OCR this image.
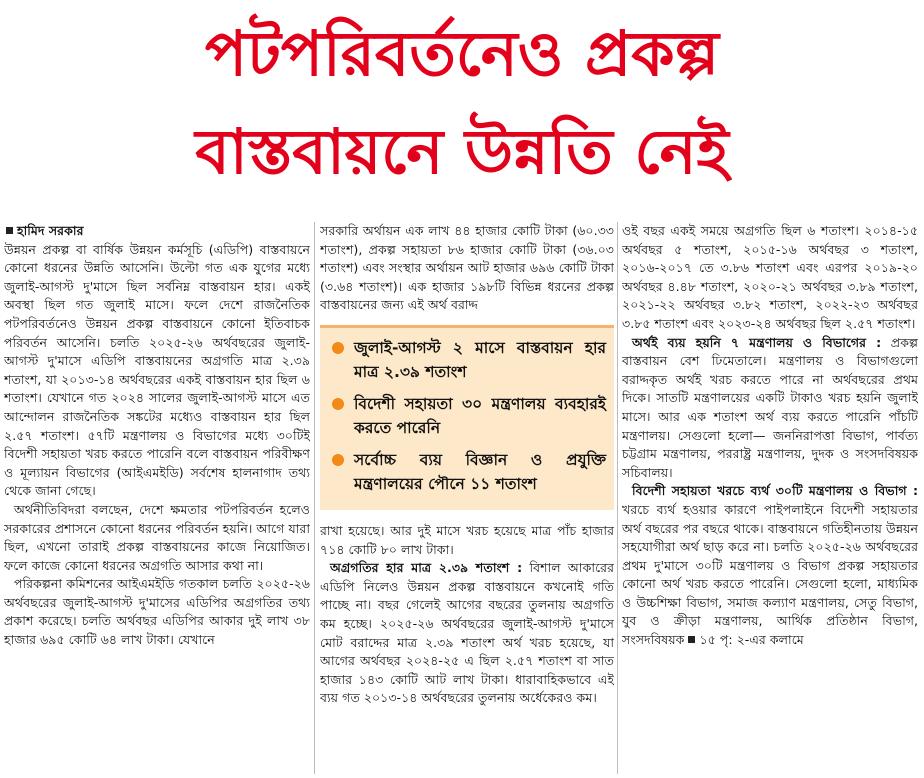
পটপরিবর্তনেও প্রকল্প
বাস্তবায়নে উন্নতি নেই
হামিদ সরকার

উন্নয়ন প্রকল্প বা বার্ষিক উন্নয়ন কর্মসূচি (এডিপি) বাস্তবায়নে কোনো ধরনের উন্নতি আসেনি। উল্টো গত এক যুগের মধ্যে জুলাই-আগস্ট দু'মাসে ছিল সর্বনিম্ন বাস্তবায়ন হার। একই অবস্থা ছিল গত জুলাই মাসে। ফলে দেশে রাজনৈতিক পটপরিবর্তনেও উন্নয়ন প্রকল্প বাস্তবায়নে কোনো ইতিবাচক পরিবর্তন আসেনি। চলতি ২০২৫-২৬ অর্থবছরের জুলাই-আগস্ট দু'মাসে এডিপি বাস্তবায়নের অগ্রগতি মাত্র ২.৩৯ শতাংশ, যা ২০১৩-১৪ অর্থবছরের একই বাস্তবায়ন হার ছিল ৬ শতাংশ। যেখানে গত ২০২৪ সালের জুলাই-আগস্ট মাসে এত আন্দোলন রাজনৈতিক সঙ্কটের মধ্যেও বাস্তবায়ন হার ছিল ২.৫৭ শতাংশ। ৫৭টি মন্ত্রণালয় ও বিভাগের মধ্যে ৩০টিই বিদেশী সহায়তা খরচ করতে পারেনি বলে বাস্তবায়ন পরিবীক্ষণ ও মূল্যায়ন বিভাগের (আইএমইডি) সর্বশেষ হালনাগাদ তথ্য থেকে জানা গেছে।

অর্থনীতিবিদরা বলছেন, দেশে ক্ষমতার পটপরিবর্তন হলেও সরকারের প্রশাসনে কোনো ধরনের পরিবর্তন হয়নি। আগে যারা ছিল, এখনো তারাই প্রকল্প বাস্তবায়নের কাজে নিয়োজিত। ফলে কাজে কোনো ধরনের অগ্রগতি আসার কথা না।

পরিকল্পনা কমিশনের আইএমইডি গতকাল চলতি ২০২৫-২৬ অর্থবছরের জুলাই-আগস্ট দু'মাসের এডিপির অগ্রগতির তথ্য প্রকাশ করেছে। চলতি অর্থবছর এডিপির আকার দুই লাখ ৩৮ হাজার ৬৯৫ কোটি ৬৪ লাখ টাকা। যেখানে

সরকারি অর্থায়ন এক লাখ ৪৪ হাজার কোটি টাকা (৬০.৩৩ শতাংশ), প্রকল্প সহায়তা ৮৬ হাজার কোটি টাকা (৩৬.০৩ শতাংশ) এবং সংস্থার অর্থায়ন আট হাজার ৬৯৬ কোটি টাকা (৩.৬৪ শতাংশ)। এক হাজার ১৯৮টি বিভিন্ন ধরনের প্রকল্প বাস্তবায়নের জন্য এই অর্থ বরাদ্দ

জুলাই-আগস্ট ২ মাসে বাস্তবায়ন হার মাত্র ২.৩৯ শতাংশ
বিদেশী সহায়তা ৩০ মন্ত্রণালয় ব্যবহারই করতে পারেনি
সর্বোচ্চ ব্যয় বিজ্ঞান ও প্রযুক্তি মন্ত্রণালয়ের পৌনে ১১ শতাংশ

রাখা হয়েছে। আর দুই মাসে খরচ হয়েছে মাত্র পাঁচ হাজার ৭১৪ কোটি ৮০ লাখ টাকা।

অগ্রগতির হার মাত্র ২.৩৯ শতাংশ : বিশাল আকারের এডিপি নিলেও উন্নয়ন প্রকল্প বাস্তবায়নে কখনোই গতি পাচ্ছে না। বছর গেলেই আগের বছরের তুলনায় অগ্রগতি কম হচ্ছে। ২০২৫-২৬ অর্থবছরের জুলাই-আগস্ট দু'মাসে মোট বরাদ্দের মাত্র ২.৩৯ শতাংশ অর্থ খরচ হয়েছে, যা আগের অর্থবছর ২০২৪-২৫ এ ছিল ২.৫৭ শতাংশ বা সাত হাজার ১৪৩ কোটি আট লাখ টাকা। ধারাবাহিকভাবে এই ব্যয় গত ২০১৩-১৪ অর্থবছরের তুলনায় অর্ধেকেরও কম।

ওই বছর একই সময়ে অগ্রগতি ছিল ৬ শতাংশ। ২০১৪-১৫ অর্থবছর ৫ শতাংশ, ২০১৫-১৬ অর্থবছর ৩ শতাংশ, ২০১৬-২০১৭ তে ৩.৮৬ শতাংশ এবং এরপর ২০১৯-২০ অর্থবছর ৪.৪৮ শতাংশ, ২০২০-২১ অর্থবছর ৩.৮৯ শতাংশ, ২০২১-২২ অর্থবছর ৩.৮২ শতাংশ, ২০২২-২৩ অর্থবছর ৩.৮৫ শতাংশ এবং ২০২৩-২৪ অর্থবছর ছিল ২.৫৭ শতাংশ।

অর্থই ব্যয় হয়নি ৭ মন্ত্রণালয় ও বিভাগের : প্রকল্প বাস্তবায়ন বেশ ঢিমেতালে। মন্ত্রণালয় ও বিভাগগুলো বরাদ্দকৃত অর্থই খরচ করতে পারে না অর্থবছরের প্রথম দিকে। সাতটি মন্ত্রণালয়ের একটি টাকাও খরচ হয়নি জুলাই মাসে। আর এক শতাংশ অর্থ ব্যয় করতে পারেনি পাঁচটি মন্ত্রণালয়। সেগুলো হলো— জননিরাপত্তা বিভাগ, পার্বত্য চট্টগ্রাম মন্ত্রণালয়, পররাষ্ট্র মন্ত্রণালয়, দুদক ও সংসদবিষয়ক সচিবালয়।

বিদেশী সহায়তা খরচে ব্যর্থ ৩০টি মন্ত্রণালয় ও বিভাগ : খরচে ব্যর্থ হওয়ার কারণে পাইপলাইনে বিদেশী সহায়তার অর্থ বছরের পর বছরে থাকে। বাস্তবায়নে গতিহীনতায় উন্নয়ন সহযোগীরা অর্থ ছাড় করে না। চলতি ২০২৫-২৬ অর্থবছরের প্রথম দু'মাসে ৩০টি মন্ত্রণালয় ও বিভাগ প্রকল্প সহায়তার কোনো অর্থ খরচ করতে পারেনি। সেগুলো হলো, মাধ্যমিক ও উচ্চশিক্ষা বিভাগ, সমাজ কল্যাণ মন্ত্রণালয়, সেতু বিভাগ, যুব ও ক্রীড়া মন্ত্রণালয়, আর্থিক প্রতিষ্ঠান বিভাগ, সংসদবিষয়ক ১৫ পৃ: ২-এর কলামে
